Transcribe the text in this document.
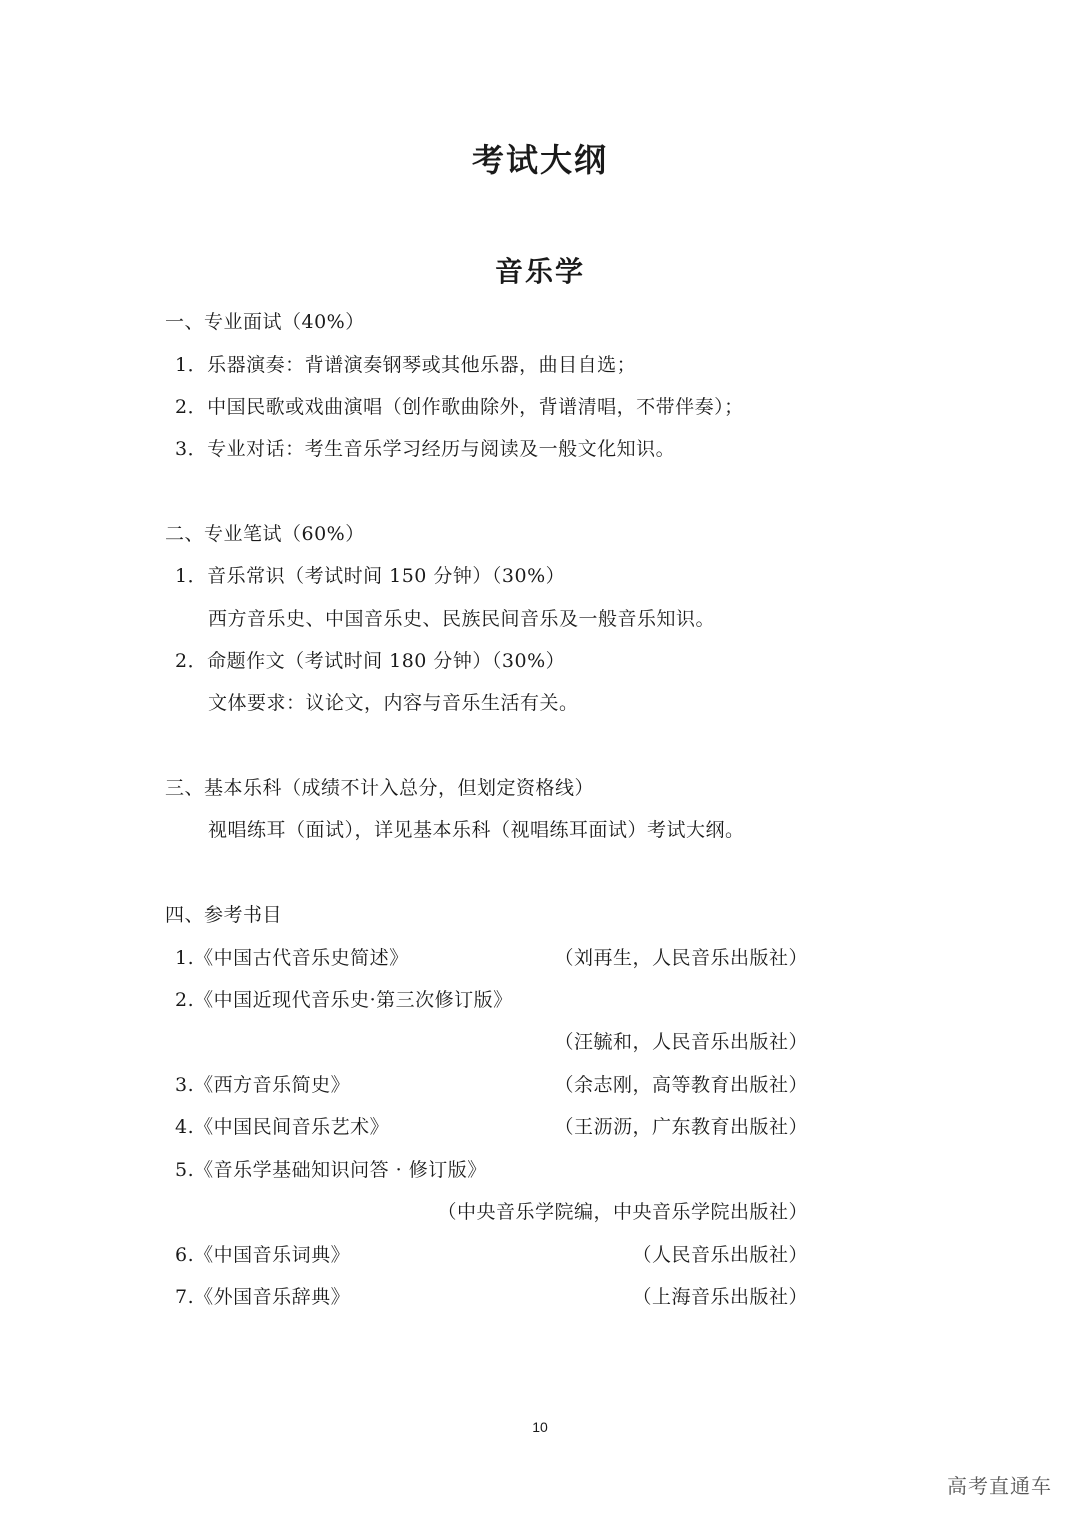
考试大纲
音乐学
一、专业面试（40%）
1．乐器演奏：背谱演奏钢琴或其他乐器，曲目自选；
2．中国民歌或戏曲演唱（创作歌曲除外，背谱清唱，不带伴奏）；
3．专业对话：考生音乐学习经历与阅读及一般文化知识。
二、专业笔试（60%）
1．音乐常识（考试时间 150 分钟）（30%）
西方音乐史、中国音乐史、民族民间音乐及一般音乐知识。
2．命题作文（考试时间 180 分钟）（30%）
文体要求：议论文，内容与音乐生活有关。
三、基本乐科（成绩不计入总分，但划定资格线）
视唱练耳（面试），详见基本乐科（视唱练耳面试）考试大纲。
四、参考书目
1.《中国古代音乐史简述》	（刘再生，人民音乐出版社）
2.《中国近现代音乐史·第三次修订版》
（汪毓和，人民音乐出版社）
3.《西方音乐简史》	（余志刚，高等教育出版社）
4.《中国民间音乐艺术》	（王沥沥，广东教育出版社）
5.《音乐学基础知识问答 · 修订版》
（中央音乐学院编，中央音乐学院出版社）
6.《中国音乐词典》	（人民音乐出版社）
7.《外国音乐辞典》	（上海音乐出版社）
10
高考直通车
